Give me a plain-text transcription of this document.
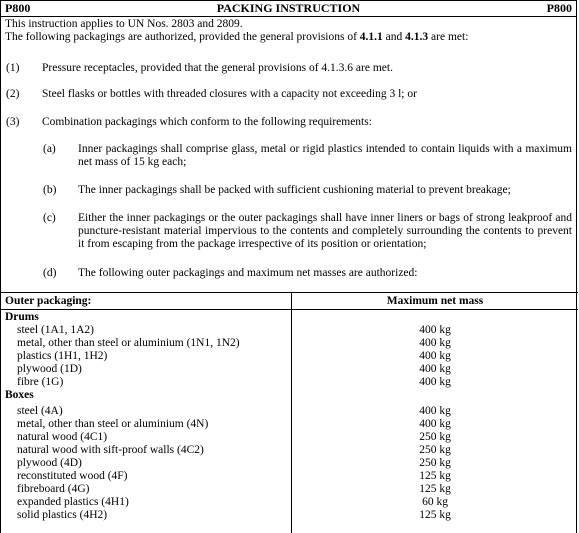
P800	PACKING INSTRUCTION	P800
This instruction applies to UN Nos. 2803 and 2809.
The following packagings are authorized, provided the general provisions of 4.1.1 and 4.1.3 are met:
(1) Pressure receptacles, provided that the general provisions of 4.1.3.6 are met.
(2) Steel flasks or bottles with threaded closures with a capacity not exceeding 3 l; or
(3) Combination packagings which conform to the following requirements:
(a) Inner packagings shall comprise glass, metal or rigid plastics intended to contain liquids with a maximum net mass of 15 kg each;
(b) The inner packagings shall be packed with sufficient cushioning material to prevent breakage;
(c) Either the inner packagings or the outer packagings shall have inner liners or bags of strong leakproof and puncture-resistant material impervious to the contents and completely surrounding the contents to prevent it from escaping from the package irrespective of its position or orientation;
(d) The following outer packagings and maximum net masses are authorized:
Outer packaging:	Maximum net mass
Drums
steel (1A1, 1A2)	400 kg
metal, other than steel or aluminium (1N1, 1N2)	400 kg
plastics (1H1, 1H2)	400 kg
plywood (1D)	400 kg
fibre (1G)	400 kg
Boxes
steel (4A)	400 kg
metal, other than steel or aluminium (4N)	400 kg
natural wood (4C1)	250 kg
natural wood with sift-proof walls (4C2)	250 kg
plywood (4D)	250 kg
reconstituted wood (4F)	125 kg
fibreboard (4G)	125 kg
expanded plastics (4H1)	60 kg
solid plastics (4H2)	125 kg
